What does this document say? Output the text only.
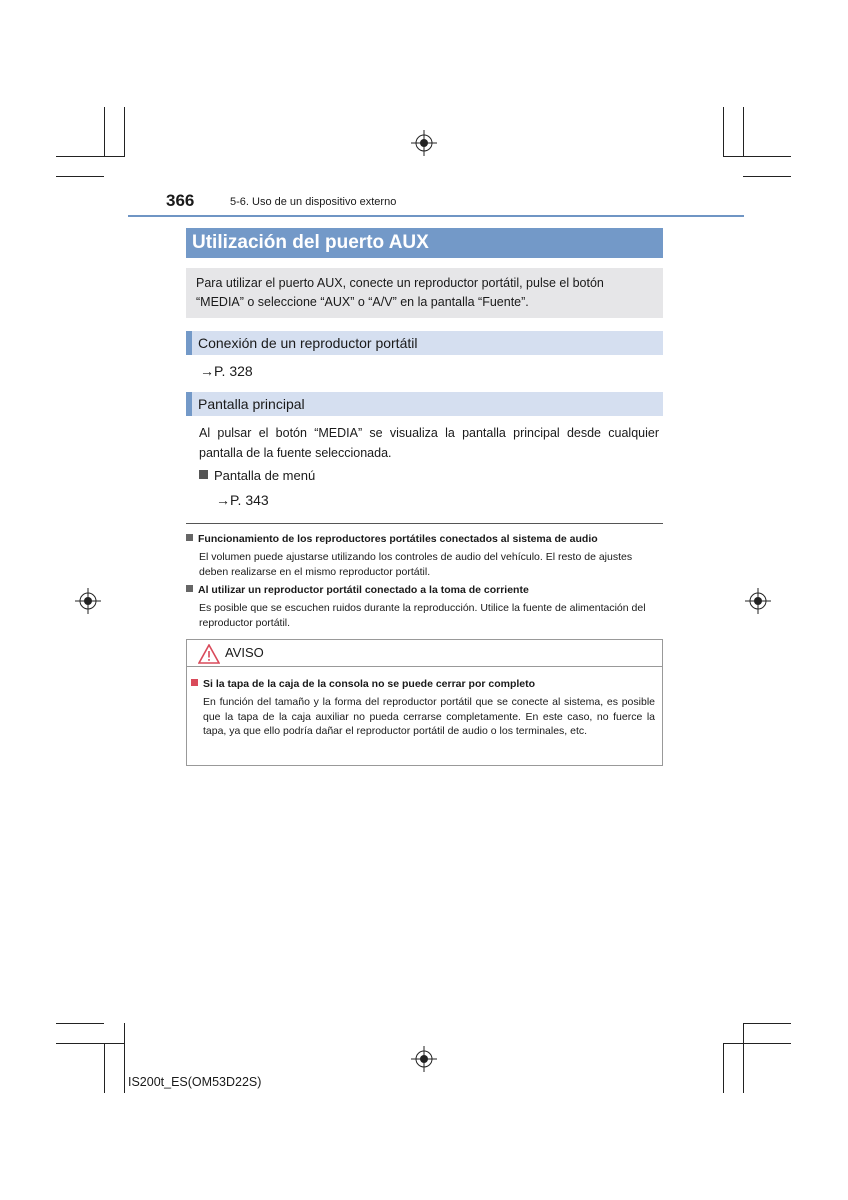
366	5-6. Uso de un dispositivo externo
Utilización del puerto AUX
Para utilizar el puerto AUX, conecte un reproductor portátil, pulse el botón “MEDIA” o seleccione “AUX” o “A/V” en la pantalla “Fuente”.
Conexión de un reproductor portátil
→P. 328
Pantalla principal
Al pulsar el botón “MEDIA” se visualiza la pantalla principal desde cualquier pantalla de la fuente seleccionada.
Pantalla de menú
→P. 343
Funcionamiento de los reproductores portátiles conectados al sistema de audio
El volumen puede ajustarse utilizando los controles de audio del vehículo. El resto de ajustes deben realizarse en el mismo reproductor portátil.
Al utilizar un reproductor portátil conectado a la toma de corriente
Es posible que se escuchen ruidos durante la reproducción. Utilice la fuente de alimentación del reproductor portátil.
AVISO
Si la tapa de la caja de la consola no se puede cerrar por completo
En función del tamaño y la forma del reproductor portátil que se conecte al sistema, es posible que la tapa de la caja auxiliar no pueda cerrarse completamente. En este caso, no fuerce la tapa, ya que ello podría dañar el reproductor portátil de audio o los terminales, etc.
IS200t_ES(OM53D22S)
